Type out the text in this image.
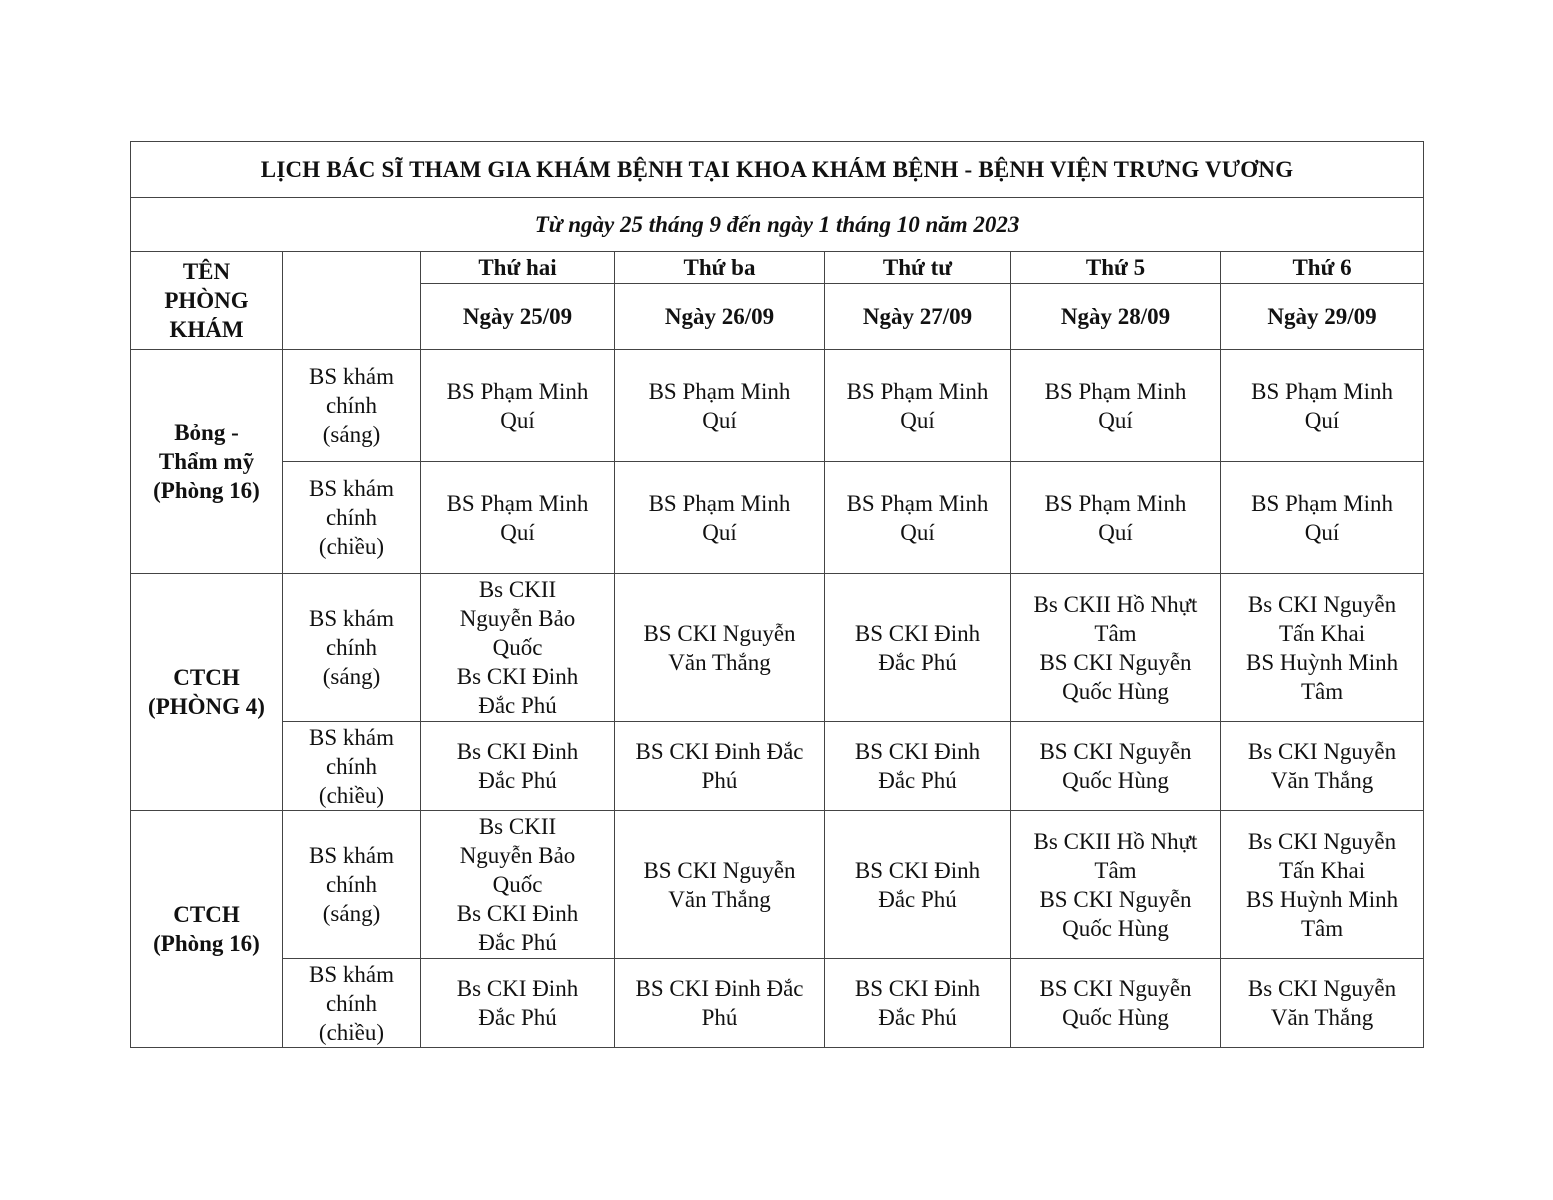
LỊCH BÁC SĨ THAM GIA KHÁM BỆNH TẠI KHOA KHÁM BỆNH - BỆNH VIỆN TRƯNG VƯƠNG						
Từ ngày 25 tháng 9 đến ngày 1 tháng 10 năm 2023						

TÊN
PHÒNG
KHÁM		Thứ hai	Thứ ba	Thứ tư	Thứ 5	Thứ 6
		Ngày 25/09	Ngày 26/09	Ngày 27/09	Ngày 28/09	Ngày 29/09

Bỏng -
Thẩm mỹ
(Phòng 16)	BS khám
chính
(sáng)	BS Phạm Minh
Quí	BS Phạm Minh
Quí	BS Phạm Minh
Quí	BS Phạm Minh
Quí	BS Phạm Minh
Quí

	BS khám
chính
(chiều)	BS Phạm Minh
Quí	BS Phạm Minh
Quí	BS Phạm Minh
Quí	BS Phạm Minh
Quí	BS Phạm Minh
Quí

CTCH
(PHÒNG 4)	BS khám
chính
(sáng)	Bs CKII
Nguyễn Bảo
Quốc
Bs CKI Đinh
Đắc Phú	BS CKI Nguyễn
Văn Thắng	BS CKI Đinh
Đắc Phú	Bs CKII Hồ Nhựt
Tâm
BS CKI Nguyễn
Quốc Hùng	Bs CKI Nguyễn
Tấn Khai
BS Huỳnh Minh
Tâm

	BS khám
chính
(chiều)	Bs CKI Đinh
Đắc Phú	BS CKI Đinh Đắc
Phú	BS CKI Đinh
Đắc Phú	BS CKI Nguyễn
Quốc Hùng	Bs CKI Nguyễn
Văn Thắng

CTCH
(Phòng 16)	BS khám
chính
(sáng)	Bs CKII
Nguyễn Bảo
Quốc
Bs CKI Đinh
Đắc Phú	BS CKI Nguyễn
Văn Thắng	BS CKI Đinh
Đắc Phú	Bs CKII Hồ Nhựt
Tâm
BS CKI Nguyễn
Quốc Hùng	Bs CKI Nguyễn
Tấn Khai
BS Huỳnh Minh
Tâm

	BS khám
chính
(chiều)	Bs CKI Đinh
Đắc Phú	BS CKI Đinh Đắc
Phú	BS CKI Đinh
Đắc Phú	BS CKI Nguyễn
Quốc Hùng	Bs CKI Nguyễn
Văn Thắng
